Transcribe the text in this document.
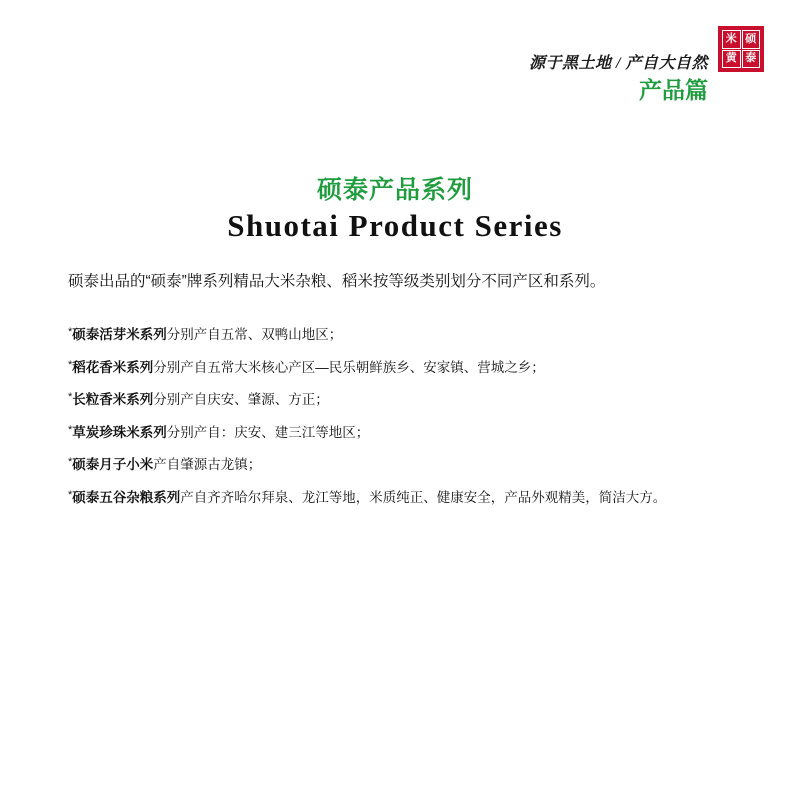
源于黑土地 / 产自大自然
产品篇
米 硕
黄 泰
硕泰产品系列
Shuotai Product Series
硕泰出品的“硕泰”牌系列精品大米杂粮、稻米按等级类别划分不同产区和系列。
*硕泰活芽米系列分别产自五常、双鸭山地区；
*稻花香米系列分别产自五常大米核心产区—民乐朝鲜族乡、安家镇、营城之乡；
*长粒香米系列分别产自庆安、肇源、方正；
*草炭珍珠米系列分别产自：庆安、建三江等地区；
*硕泰月子小米产自肇源古龙镇；
*硕泰五谷杂粮系列产自齐齐哈尔拜泉、龙江等地，米质纯正、健康安全，产品外观精美，简洁大方。
